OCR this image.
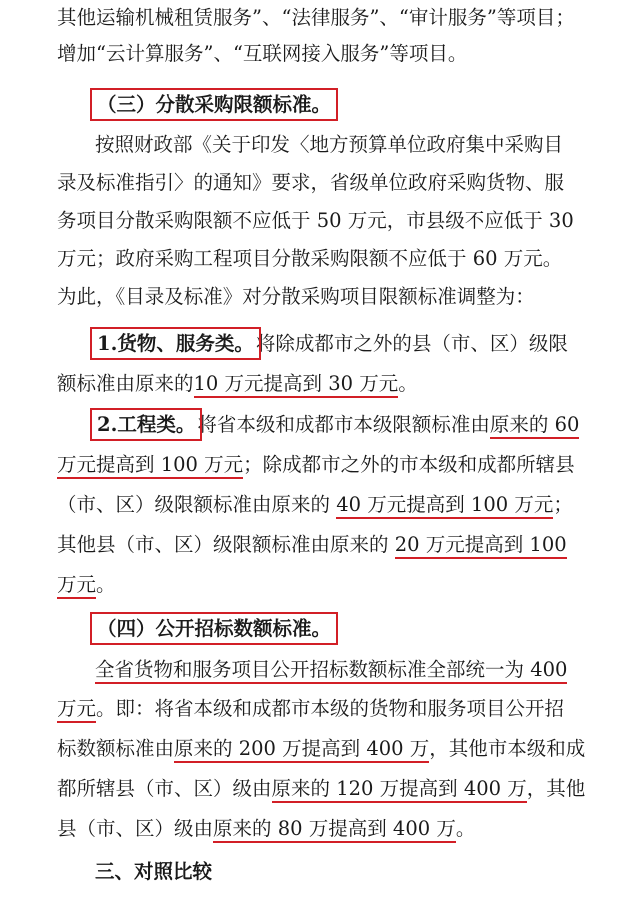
其他运输机械租赁服务”、“法律服务”、“审计服务”等项目；
增加“云计算服务”、“互联网接入服务”等项目。
（三）分散采购限额标准。
按照财政部《关于印发〈地方预算单位政府集中采购目
录及标准指引〉的通知》要求，省级单位政府采购货物、服
务项目分散采购限额不应低于 50 万元，市县级不应低于 30
万元；政府采购工程项目分散采购限额不应低于 60 万元。
为此，《目录及标准》对分散采购项目限额标准调整为：
1.货物、服务类。 将除成都市之外的县（市、区）级限
额标准由原来的10 万元提高到 30 万元。
2.工程类。 将省本级和成都市本级限额标准由原来的 60
万元提高到 100 万元；除成都市之外的市本级和成都所辖县
（市、区）级限额标准由原来的 40 万元提高到 100 万元；
其他县（市、区）级限额标准由原来的 20 万元提高到 100
万元。
（四）公开招标数额标准。
全省货物和服务项目公开招标数额标准全部统一为 400
万元。即：将省本级和成都市本级的货物和服务项目公开招
标数额标准由原来的 200 万提高到 400 万，其他市本级和成
都所辖县（市、区）级由原来的 120 万提高到 400 万，其他
县（市、区）级由原来的 80 万提高到 400 万。
三、对照比较
